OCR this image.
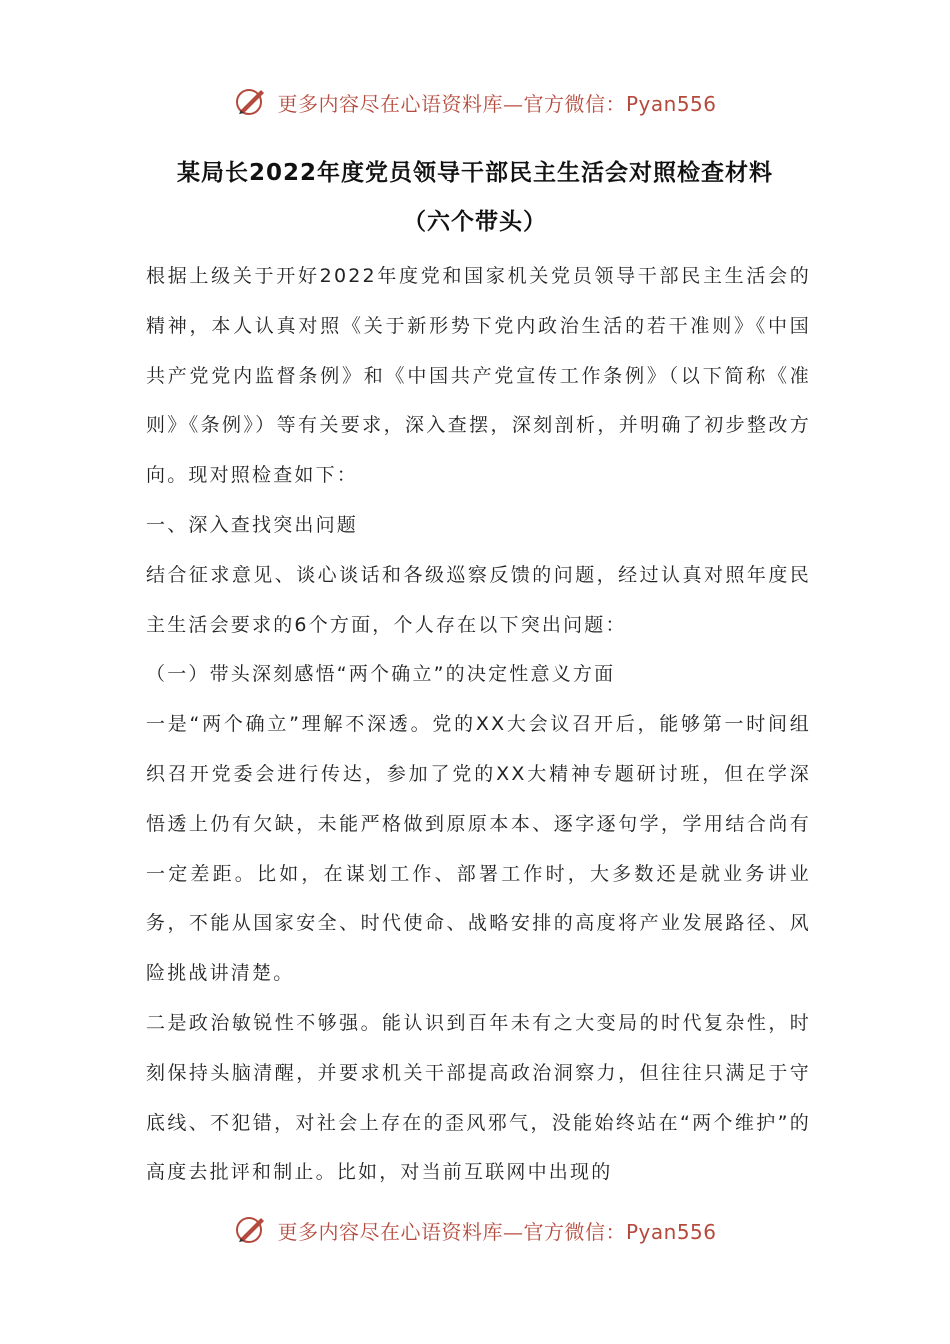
更多内容尽在心语资料库—官方微信：Pyan556
某局长2022年度党员领导干部民主生活会对照检查材料
（六个带头）

根据上级关于开好2022年度党和国家机关党员领导干部民主生活会的精神，本人认真对照《关于新形势下党内政治生活的若干准则》《中国共产党党内监督条例》和《中国共产党宣传工作条例》（以下简称《准则》《条例》）等有关要求，深入查摆，深刻剖析，并明确了初步整改方向。现对照检查如下：

一、深入查找突出问题

结合征求意见、谈心谈话和各级巡察反馈的问题，经过认真对照年度民主生活会要求的6个方面，个人存在以下突出问题：

（一）带头深刻感悟“两个确立”的决定性意义方面

一是“两个确立”理解不深透。党的XX大会议召开后，能够第一时间组织召开党委会进行传达，参加了党的XX大精神专题研讨班，但在学深悟透上仍有欠缺，未能严格做到原原本本、逐字逐句学，学用结合尚有一定差距。比如，在谋划工作、部署工作时，大多数还是就业务讲业务，不能从国家安全、时代使命、战略安排的高度将产业发展路径、风险挑战讲清楚。

二是政治敏锐性不够强。能认识到百年未有之大变局的时代复杂性，时刻保持头脑清醒，并要求机关干部提高政治洞察力，但往往只满足于守底线、不犯错，对社会上存在的歪风邪气，没能始终站在“两个维护”的高度去批评和制止。比如，对当前互联网中出现的

更多内容尽在心语资料库—官方微信：Pyan556
